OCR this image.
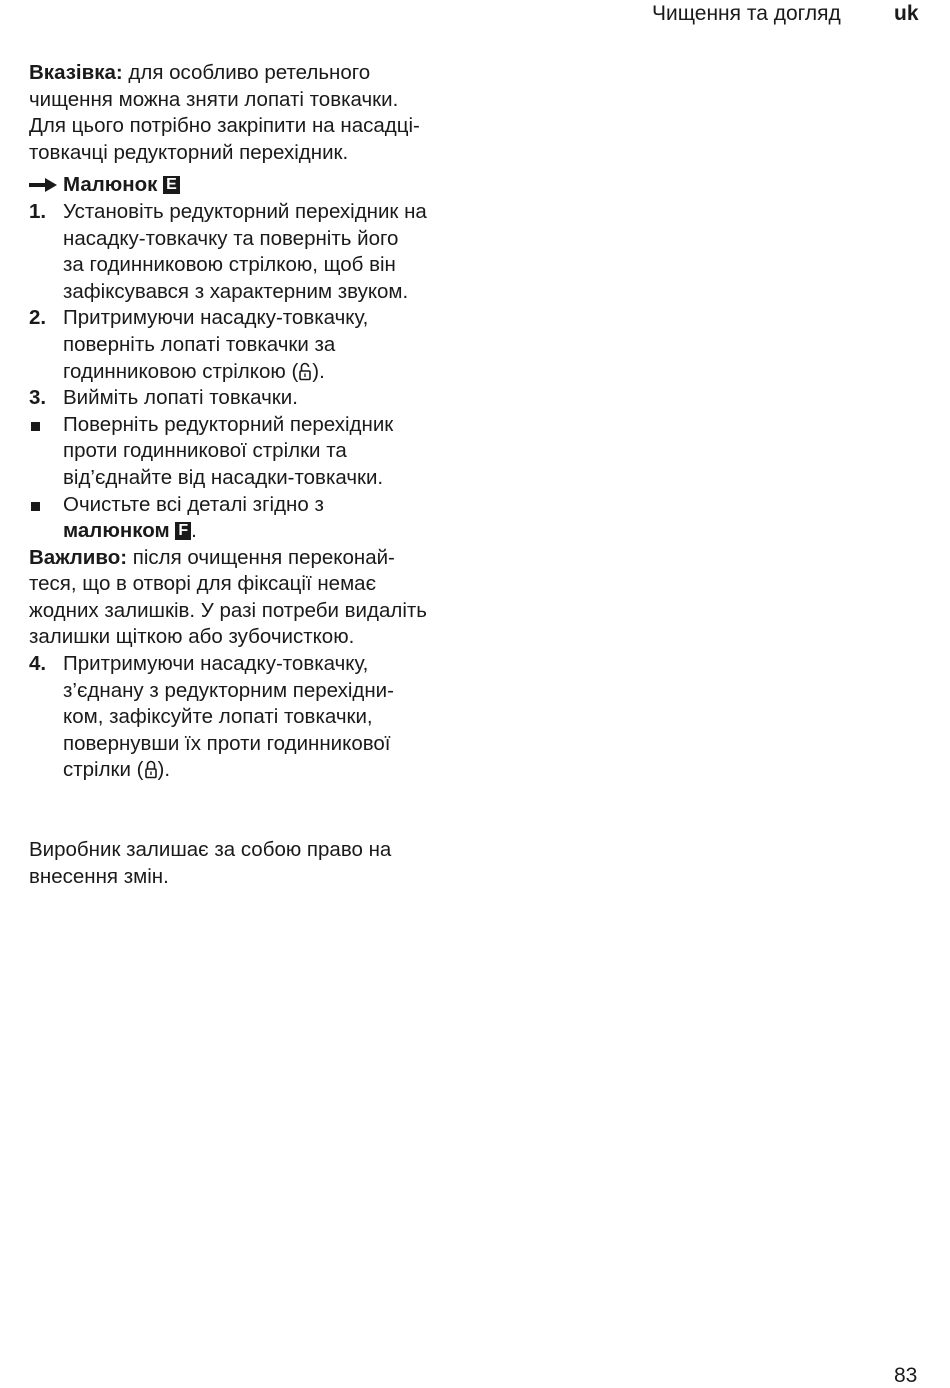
Чищення та догляд	uk
Вказівка: для особливо ретельного
чищення можна зняти лопаті товкачки.
Для цього потрібно закріпити на насадці-
товкачці редукторний перехідник.
Малюнок E
1. Установіть редукторний перехідник на
насадку-товкачку та поверніть його
за годинниковою стрілкою, щоб він
зафіксувався з характерним звуком.
2. Притримуючи насадку-товкачку,
поверніть лопаті товкачки за
годинниковою стрілкою ( ).
3. Вийміть лопаті товкачки.
Поверніть редукторний перехідник
проти годинникової стрілки та
від’єднайте від насадки-товкачки.
Очистьте всі деталі згідно з
малюнком F .
Важливо: після очищення переконай-
теся, що в отворі для фіксації немає
жодних залишків. У разі потреби видаліть
залишки щіткою або зубочисткою.
4. Притримуючи насадку-товкачку,
з’єднану з редукторним перехідни-
ком, зафіксуйте лопаті товкачки,
повернувши їх проти годинникової
стрілки ( ).
Виробник залишає за собою право на
внесення змін.
83
